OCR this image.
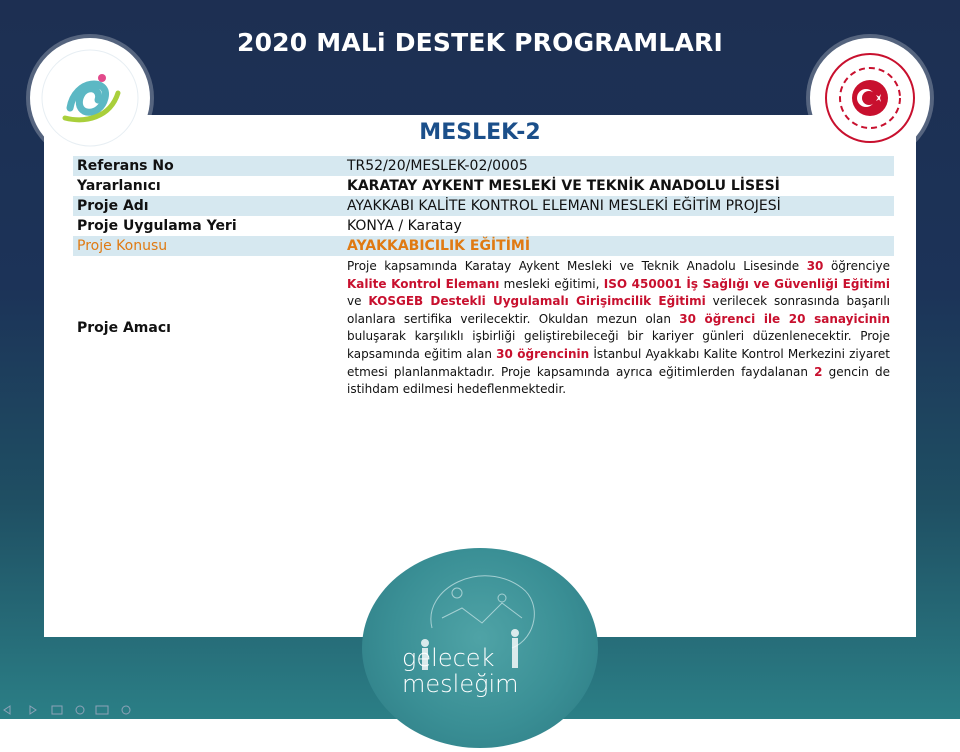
2020 MALi DESTEK PROGRAMLARI
MESLEK-2
Referans No	TR52/20/MESLEK-02/0005
Yararlanıcı	KARATAY AYKENT MESLEKİ VE TEKNİK ANADOLU LİSESİ
Proje Adı	AYAKKABI KALİTE KONTROL ELEMANI MESLEKİ EĞİTİM PROJESİ
Proje Uygulama Yeri	KONYA / Karatay
Proje Konusu	AYAKKABICILIK EĞİTİMİ
Proje Amacı	Proje kapsamında Karatay Aykent Mesleki ve Teknik Anadolu Lisesinde 30 öğrenciye Kalite Kontrol Elemanı mesleki eğitimi, ISO 450001 İş Sağlığı ve Güvenliği Eğitimi ve KOSGEB Destekli Uygulamalı Girişimcilik Eğitimi verilecek sonrasında başarılı olanlara sertifika verilecektir. Okuldan mezun olan 30 öğrenci ile 20 sanayicinin buluşarak karşılıklı işbirliği geliştirebileceği bir kariyer günleri düzenlenecektir. Proje kapsamında eğitim alan 30 öğrencinin İstanbul Ayakkabı Kalite Kontrol Merkezini ziyaret etmesi planlanmaktadır. Proje kapsamında ayrıca eğitimlerden faydalanan 2 gencin de istihdam edilmesi hedeflenmektedir.
gelecek
mesleğim
